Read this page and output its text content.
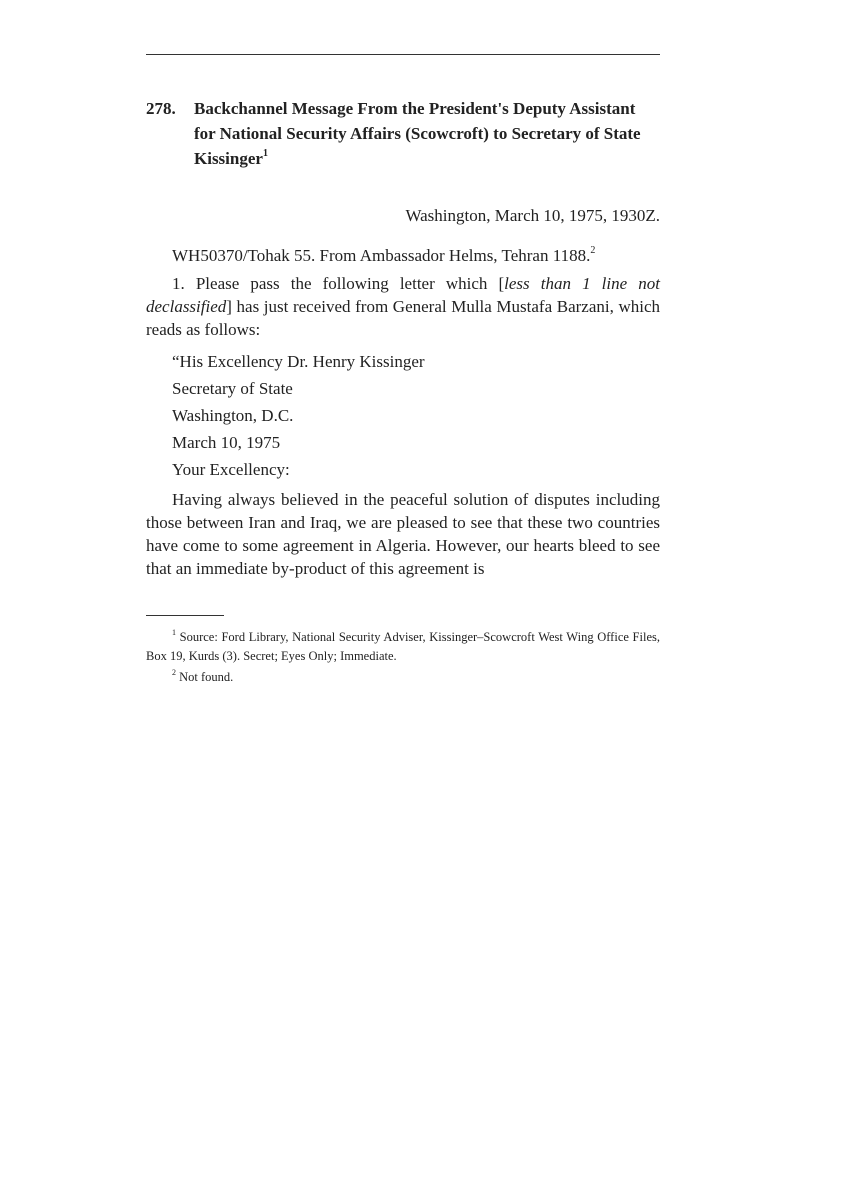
278. Backchannel Message From the President's Deputy Assistant for National Security Affairs (Scowcroft) to Secretary of State Kissinger$^1$
Washington, March 10, 1975, 1930Z.
WH50370/Tohak 55. From Ambassador Helms, Tehran 1188.$^2$
1. Please pass the following letter which [less than 1 line not declassified] has just received from General Mulla Mustafa Barzani, which reads as follows:
“His Excellency Dr. Henry Kissinger
Secretary of State
Washington, D.C.
March 10, 1975
Your Excellency:
Having always believed in the peaceful solution of disputes including those between Iran and Iraq, we are pleased to see that these two countries have come to some agreement in Algeria. However, our hearts bleed to see that an immediate by-product of this agreement is
$^1$ Source: Ford Library, National Security Adviser, Kissinger–Scowcroft West Wing Office Files, Box 19, Kurds (3). Secret; Eyes Only; Immediate.
$^2$ Not found.
